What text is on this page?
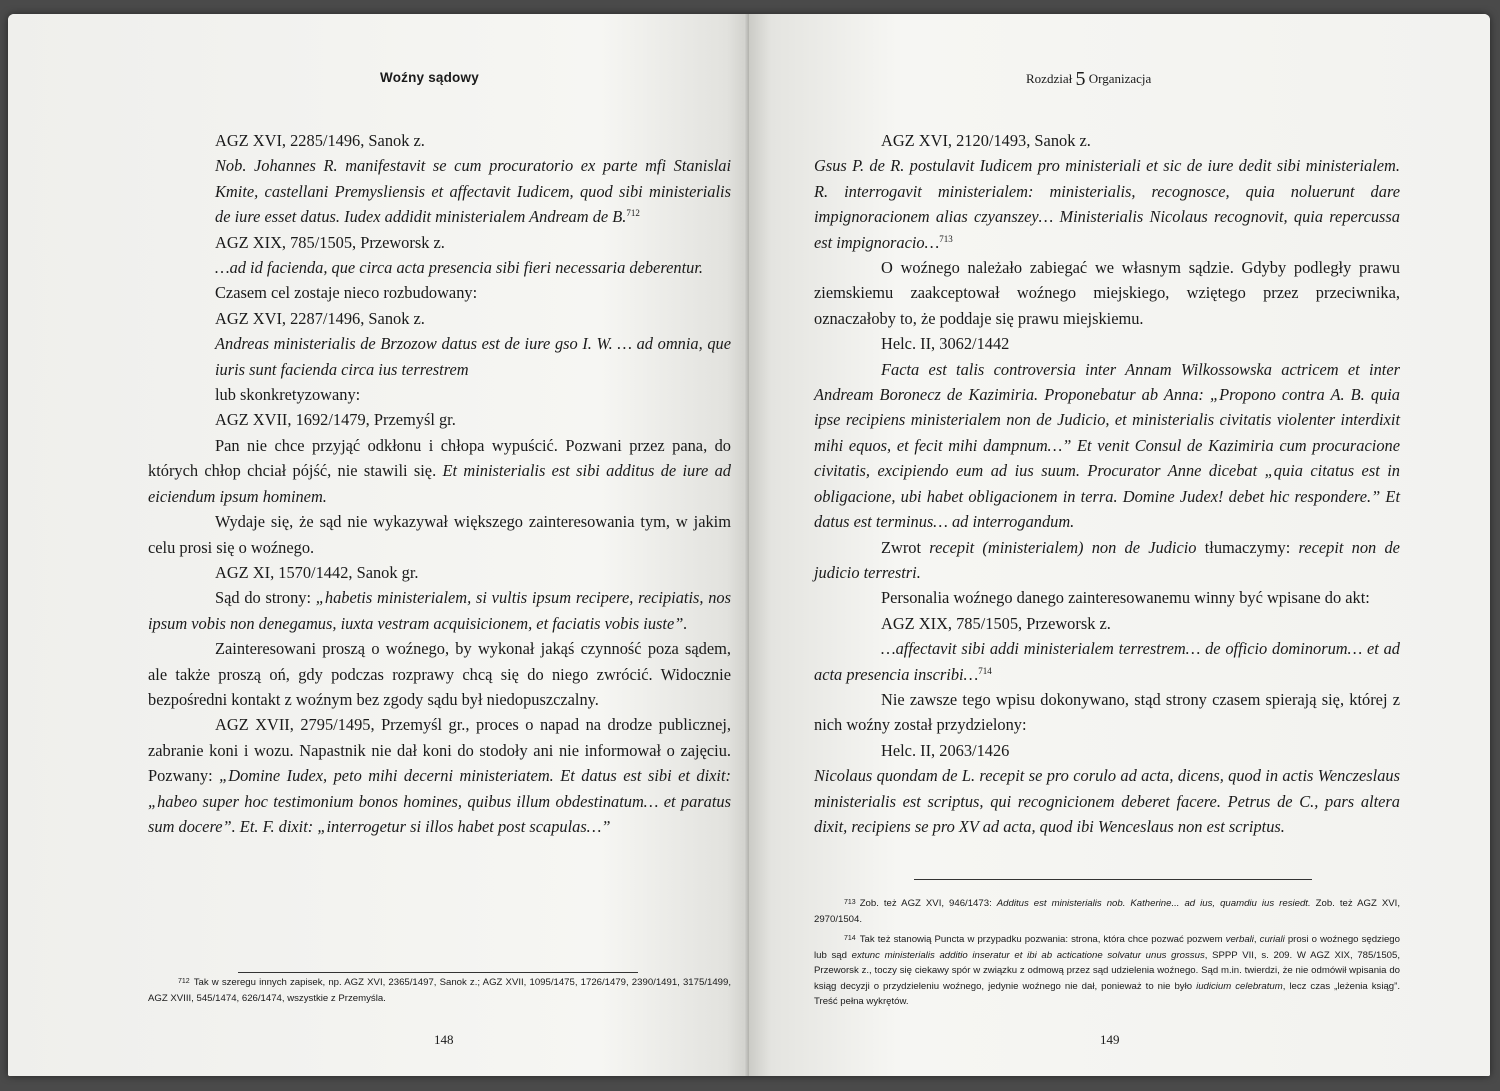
Woźny sądowy

AGZ XVI, 2285/1496, Sanok z.

Nob. Johannes R. manifestavit se cum procuratorio ex parte mfi Stanislai Kmite, castellani Premysliensis et affectavit Iudicem, quod sibi ministerialis de iure esset datus. Iudex addidit ministerialem Andream de B.$^{712}$

AGZ XIX, 785/1505, Przeworsk z.

…ad id facienda, que circa acta presencia sibi fieri necessaria deberentur.

Czasem cel zostaje nieco rozbudowany:

AGZ XVI, 2287/1496, Sanok z.

Andreas ministerialis de Brzozow datus est de iure gso I. W. … ad omnia, que iuris sunt facienda circa ius terrestrem

lub skonkretyzowany:

AGZ XVII, 1692/1479, Przemyśl gr.

Pan nie chce przyjąć odkłonu i chłopa wypuścić. Pozwani przez pana, do których chłop chciał pójść, nie stawili się. Et ministerialis est sibi additus de iure ad eiciendum ipsum hominem.

Wydaje się, że sąd nie wykazywał większego zainteresowania tym, w jakim celu prosi się o woźnego.

AGZ XI, 1570/1442, Sanok gr.

Sąd do strony: „habetis ministerialem, si vultis ipsum recipere, recipiatis, nos ipsum vobis non denegamus, iuxta vestram acquisicionem, et faciatis vobis iuste”.

Zainteresowani proszą o woźnego, by wykonał jakąś czynność poza sądem, ale także proszą oń, gdy podczas rozprawy chcą się do niego zwrócić. Widocznie bezpośredni kontakt z woźnym bez zgody sądu był niedopuszczalny.

AGZ XVII, 2795/1495, Przemyśl gr., proces o napad na drodze publicznej, zabranie koni i wozu. Napastnik nie dał koni do stodoły ani nie informował o zajęciu. Pozwany: „Domine Iudex, peto mihi decerni ministeriatem. Et datus est sibi et dixit: „habeo super hoc testimonium bonos homines, quibus illum obdestinatum… et paratus sum docere”. Et. F. dixit: „interrogetur si illos habet post scapulas…”

$^{712}$ Tak w szeregu innych zapisek, np. AGZ XVI, 2365/1497, Sanok z.; AGZ XVII, 1095/1475, 1726/1479, 2390/1491, 3175/1499, AGZ XVIII, 545/1474, 626/1474, wszystkie z Przemyśla.

148
Rozdział 5 Organizacja

AGZ XVI, 2120/1493, Sanok z.

Gsus P. de R. postulavit Iudicem pro ministeriali et sic de iure dedit sibi ministerialem. R. interrogavit ministerialem: ministerialis, recognosce, quia noluerunt dare impignoracionem alias czyanszey… Ministerialis Nicolaus recognovit, quia repercussa est impignoracio…$^{713}$

O woźnego należało zabiegać we własnym sądzie. Gdyby podległy prawu ziemskiemu zaakceptował woźnego miejskiego, wziętego przez przeciwnika, oznaczałoby to, że poddaje się prawu miejskiemu.

Helc. II, 3062/1442

Facta est talis controversia inter Annam Wilkossowska actricem et inter Andream Boronecz de Kazimiria. Proponebatur ab Anna: „Propono contra A. B. quia ipse recipiens ministerialem non de Judicio, et ministerialis civitatis violenter interdixit mihi equos, et fecit mihi dampnum…” Et venit Consul de Kazimiria cum procuracione civitatis, excipiendo eum ad ius suum. Procurator Anne dicebat „quia citatus est in obligacione, ubi habet obligacionem in terra. Domine Judex! debet hic respondere.” Et datus est terminus… ad interrogandum.

Zwrot recepit (ministerialem) non de Judicio tłumaczymy: recepit non de judicio terrestri.

Personalia woźnego danego zainteresowanemu winny być wpisane do akt:

AGZ XIX, 785/1505, Przeworsk z.

…affectavit sibi addi ministerialem terrestrem… de officio dominorum… et ad acta presencia inscribi…$^{714}$

Nie zawsze tego wpisu dokonywano, stąd strony czasem spierają się, której z nich woźny został przydzielony:

Helc. II, 2063/1426

Nicolaus quondam de L. recepit se pro corulo ad acta, dicens, quod in actis Wenczeslaus ministerialis est scriptus, qui recognicionem deberet facere. Petrus de C., pars altera dixit, recipiens se pro XV ad acta, quod ibi Wenceslaus non est scriptus.

$^{713}$ Zob. też AGZ XVI, 946/1473: Additus est ministerialis nob. Katherine... ad ius, quamdiu ius resiedt. Zob. też AGZ XVI, 2970/1504.

$^{714}$ Tak też stanowią Puncta w przypadku pozwania: strona, która chce pozwać pozwem verbali, curiali prosi o woźnego sędziego lub sąd extunc ministerialis additio inseratur et ibi ab acticatione solvatur unus grossus, SPPP VII, s. 209. W AGZ XIX, 785/1505, Przeworsk z., toczy się ciekawy spór w związku z odmową przez sąd udzielenia woźnego. Sąd m.in. twierdzi, że nie odmówił wpisania do ksiąg decyzji o przydzieleniu woźnego, jedynie woźnego nie dał, ponieważ to nie było iudicium celebratum, lecz czas „leżenia ksiąg”. Treść pełna wykrętów.

149
